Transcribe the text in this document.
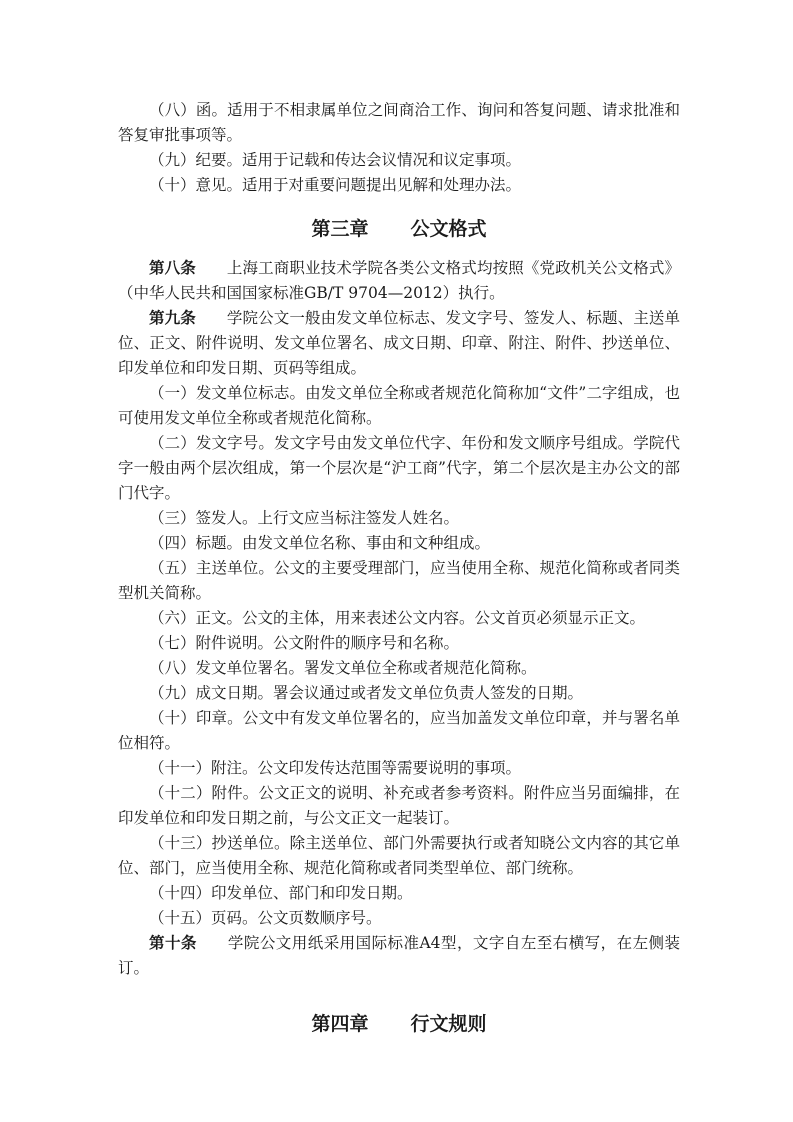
（八）函。适用于不相隶属单位之间商洽工作、询问和答复问题、请求批准和答复审批事项等。

（九）纪要。适用于记载和传达会议情况和议定事项。

（十）意见。适用于对重要问题提出见解和处理办法。

第三章 公文格式

第八条 上海工商职业技术学院各类公文格式均按照《党政机关公文格式》（中华人民共和国国家标准GB/T 9704—2012）执行。

第九条 学院公文一般由发文单位标志、发文字号、签发人、标题、主送单位、正文、附件说明、发文单位署名、成文日期、印章、附注、附件、抄送单位、印发单位和印发日期、页码等组成。

（一）发文单位标志。由发文单位全称或者规范化简称加“文件”二字组成，也可使用发文单位全称或者规范化简称。

（二）发文字号。发文字号由发文单位代字、年份和发文顺序号组成。学院代字一般由两个层次组成，第一个层次是“沪工商”代字，第二个层次是主办公文的部门代字。

（三）签发人。上行文应当标注签发人姓名。

（四）标题。由发文单位名称、事由和文种组成。

（五）主送单位。公文的主要受理部门，应当使用全称、规范化简称或者同类型机关简称。

（六）正文。公文的主体，用来表述公文内容。公文首页必须显示正文。

（七）附件说明。公文附件的顺序号和名称。

（八）发文单位署名。署发文单位全称或者规范化简称。

（九）成文日期。署会议通过或者发文单位负责人签发的日期。

（十）印章。公文中有发文单位署名的，应当加盖发文单位印章，并与署名单位相符。

（十一）附注。公文印发传达范围等需要说明的事项。

（十二）附件。公文正文的说明、补充或者参考资料。附件应当另面编排，在印发单位和印发日期之前，与公文正文一起装订。

（十三）抄送单位。除主送单位、部门外需要执行或者知晓公文内容的其它单位、部门，应当使用全称、规范化简称或者同类型单位、部门统称。

（十四）印发单位、部门和印发日期。

（十五）页码。公文页数顺序号。

第十条 学院公文用纸采用国际标准A4型，文字自左至右横写，在左侧装订。

第四章 行文规则
